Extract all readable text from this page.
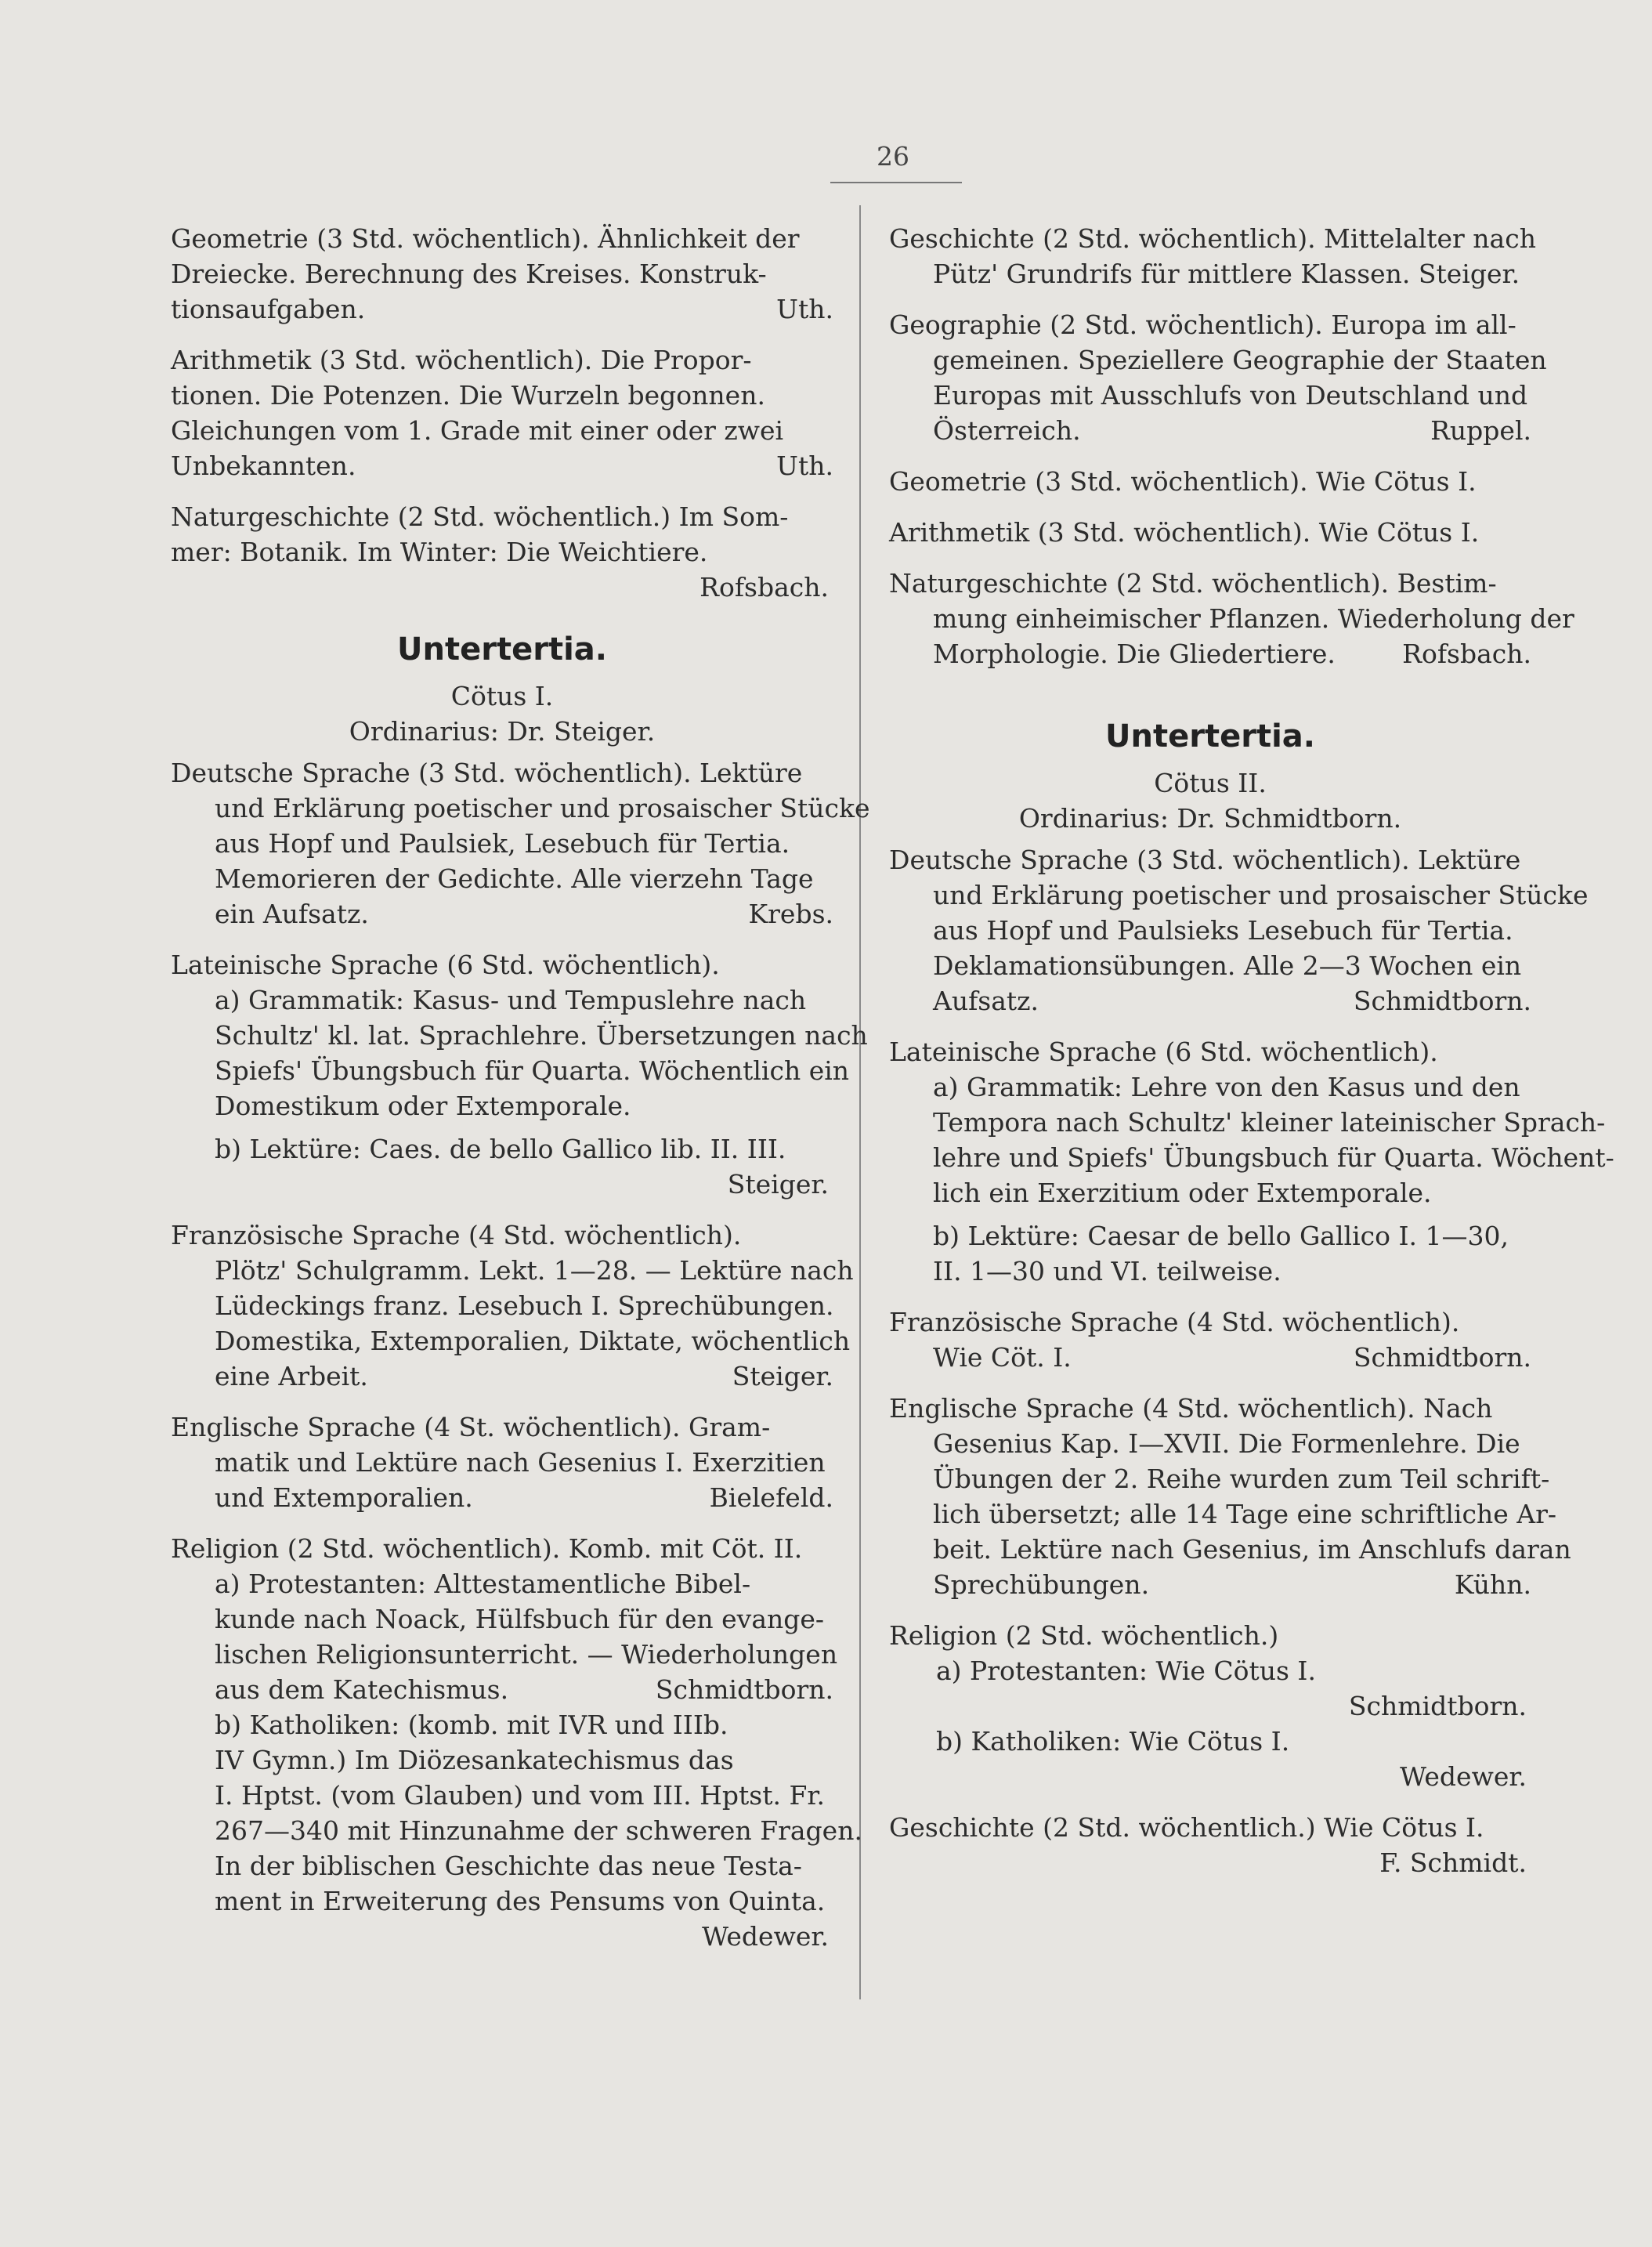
26
Geometrie (3 Std. wöchentlich). Ähnlichkeit der
Dreiecke. Berechnung des Kreises. Konstruk-
tionsaufgaben.	Uth.
Arithmetik (3 Std. wöchentlich). Die Propor-
tionen. Die Potenzen. Die Wurzeln begonnen.
Gleichungen vom 1. Grade mit einer oder zwei
Unbekannten.	Uth.
Naturgeschichte (2 Std. wöchentlich.) Im Som-
mer: Botanik. Im Winter: Die Weichtiere.
Rofsbach.
Untertertia.
Cötus I.
Ordinarius: Dr. Steiger.
Deutsche Sprache (3 Std. wöchentlich). Lektüre
und Erklärung poetischer und prosaischer Stücke
aus Hopf und Paulsiek, Lesebuch für Tertia.
Memorieren der Gedichte. Alle vierzehn Tage
ein Aufsatz.	Krebs.
Lateinische Sprache (6 Std. wöchentlich).
a) Grammatik: Kasus- und Tempuslehre nach
Schultz' kl. lat. Sprachlehre. Übersetzungen nach
Spiefs' Übungsbuch für Quarta. Wöchentlich ein
Domestikum oder Extemporale.
b) Lektüre: Caes. de bello Gallico lib. II. III.
Steiger.
Französische Sprache (4 Std. wöchentlich).
Plötz' Schulgramm. Lekt. 1—28. — Lektüre nach
Lüdeckings franz. Lesebuch I. Sprechübungen.
Domestika, Extemporalien, Diktate, wöchentlich
eine Arbeit.	Steiger.
Englische Sprache (4 St. wöchentlich). Gram-
matik und Lektüre nach Gesenius I. Exerzitien
und Extemporalien.	Bielefeld.
Religion (2 Std. wöchentlich). Komb. mit Cöt. II.
a) Protestanten: Alttestamentliche Bibel-
kunde nach Noack, Hülfsbuch für den evange-
lischen Religionsunterricht. — Wiederholungen
aus dem Katechismus.	Schmidtborn.
b) Katholiken: (komb. mit IVR und IIIb.
IV Gymn.) Im Diözesankatechismus das
I. Hptst. (vom Glauben) und vom III. Hptst. Fr.
267—340 mit Hinzunahme der schweren Fragen.
In der biblischen Geschichte das neue Testa-
ment in Erweiterung des Pensums von Quinta.
Wedewer.
Geschichte (2 Std. wöchentlich). Mittelalter nach
Pütz' Grundrifs für mittlere Klassen. Steiger.
Geographie (2 Std. wöchentlich). Europa im all-
gemeinen. Speziellere Geographie der Staaten
Europas mit Ausschlufs von Deutschland und
Österreich.	Ruppel.
Geometrie (3 Std. wöchentlich). Wie Cötus I.
Arithmetik (3 Std. wöchentlich). Wie Cötus I.
Naturgeschichte (2 Std. wöchentlich). Bestim-
mung einheimischer Pflanzen. Wiederholung der
Morphologie. Die Gliedertiere.	Rofsbach.
Untertertia.
Cötus II.
Ordinarius: Dr. Schmidtborn.
Deutsche Sprache (3 Std. wöchentlich). Lektüre
und Erklärung poetischer und prosaischer Stücke
aus Hopf und Paulsieks Lesebuch für Tertia.
Deklamationsübungen. Alle 2—3 Wochen ein
Aufsatz.	Schmidtborn.
Lateinische Sprache (6 Std. wöchentlich).
a) Grammatik: Lehre von den Kasus und den
Tempora nach Schultz' kleiner lateinischer Sprach-
lehre und Spiefs' Übungsbuch für Quarta. Wöchent-
lich ein Exerzitium oder Extemporale.
b) Lektüre: Caesar de bello Gallico I. 1—30,
II. 1—30 und VI. teilweise.
Französische Sprache (4 Std. wöchentlich).
Wie Cöt. I.	Schmidtborn.
Englische Sprache (4 Std. wöchentlich). Nach
Gesenius Kap. I—XVII. Die Formenlehre. Die
Übungen der 2. Reihe wurden zum Teil schrift-
lich übersetzt; alle 14 Tage eine schriftliche Ar-
beit. Lektüre nach Gesenius, im Anschlufs daran
Sprechübungen.	Kühn.
Religion (2 Std. wöchentlich.)
a) Protestanten: Wie Cötus I.
Schmidtborn.
b) Katholiken: Wie Cötus I.
Wedewer.
Geschichte (2 Std. wöchentlich.) Wie Cötus I.
F. Schmidt.
